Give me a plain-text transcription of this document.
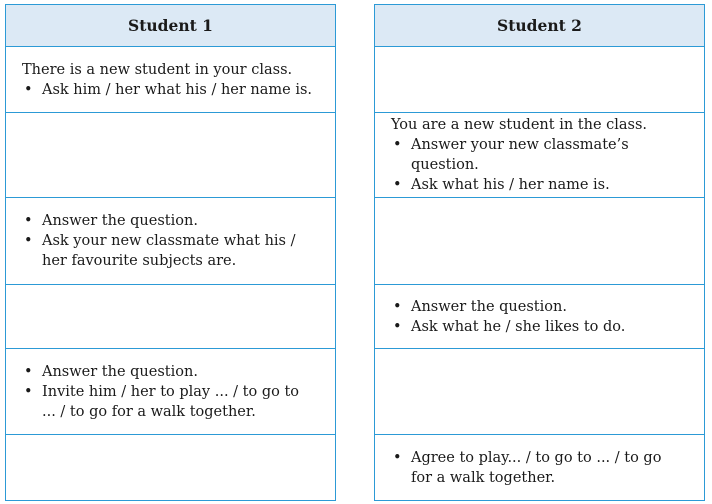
Student 1

There is a new student in your class.

• Ask him / her what his / her name is.
• Answer the question.
• Ask your new classmate what his / her favourite subjects are.
• Answer the question.
• Invite him / her to play ... / to go to ... / to go for a walk together.
Student 2

You are a new student in the class.

• Answer your new classmate’s question.
• Ask what his / her name is.
• Answer the question.
• Ask what he / she likes to do.
• Agree to play... / to go to ... / to go for a walk together.
